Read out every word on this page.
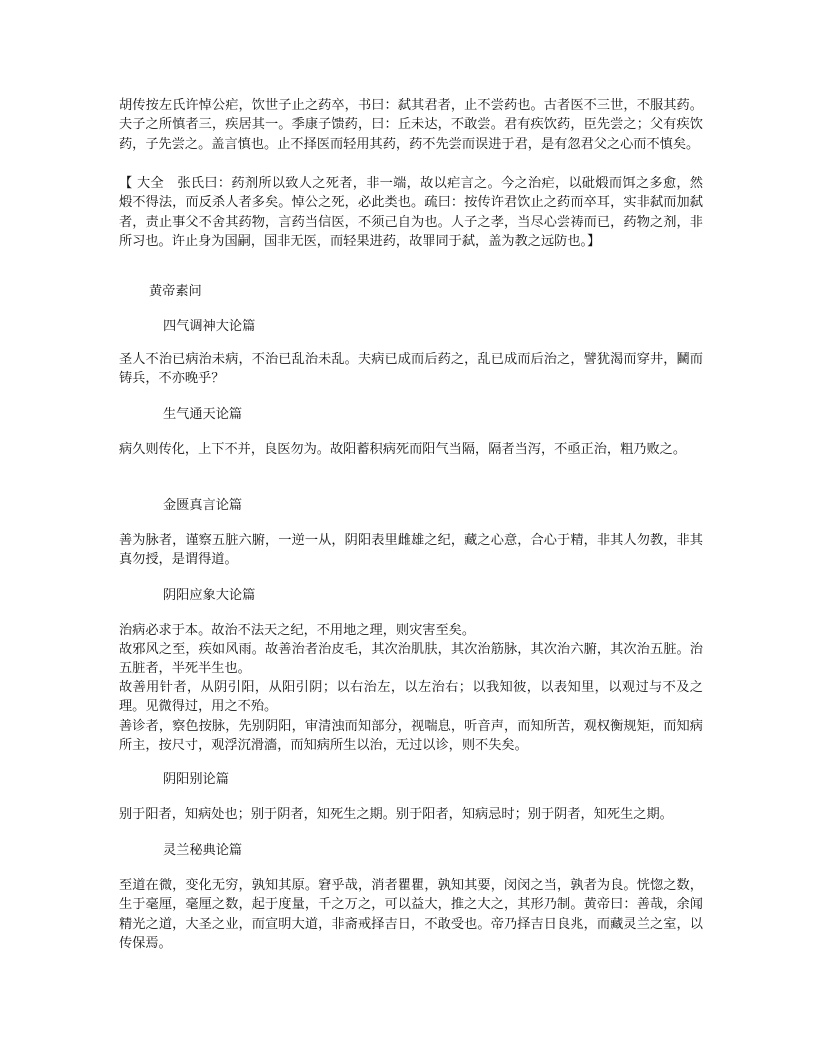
胡传按左氏许悼公疟，饮世子止之药卒，书曰：弑其君者，止不尝药也。古者医不三世，不服其药。夫子之所慎者三，疾居其一。季康子馈药，曰：丘未达，不敢尝。君有疾饮药，臣先尝之；父有疾饮药，子先尝之。盖言慎也。止不择医而轻用其药，药不先尝而误进于君，是有忽君父之心而不慎矣。

【 大全　张氏曰：药剂所以致人之死者，非一端，故以疟言之。今之治疟，以砒煅而饵之多愈，然煅不得法，而反杀人者多矣。悼公之死，必此类也。疏曰：按传许君饮止之药而卒耳，实非弑而加弑者，责止事父不舍其药物，言药当信医，不须己自为也。人子之孝，当尽心尝祷而已，药物之剂，非所习也。许止身为国嗣，国非无医，而轻果进药，故罪同于弑，盖为教之远防也。】

黄帝素问
四气调神大论篇

圣人不治已病治未病，不治已乱治未乱。夫病已成而后药之，乱已成而后治之，譬犹渴而穿井，鬭而铸兵，不亦晚乎？

生气通天论篇

病久则传化，上下不并，良医勿为。故阳蓄积病死而阳气当隔，隔者当泻，不亟正治，粗乃败之。

金匮真言论篇

善为脉者，谨察五脏六腑，一逆一从，阴阳表里雌雄之纪，藏之心意，合心于精，非其人勿教，非其真勿授，是谓得道。

阴阳应象大论篇

治病必求于本。故治不法天之纪，不用地之理，则灾害至矣。

故邪风之至，疾如风雨。故善治者治皮毛，其次治肌肤，其次治筋脉，其次治六腑，其次治五脏。治五脏者，半死半生也。

故善用针者，从阴引阳，从阳引阴；以右治左，以左治右；以我知彼，以表知里，以观过与不及之理。见微得过，用之不殆。

善诊者，察色按脉，先别阴阳，审清浊而知部分，视喘息，听音声，而知所苦，观权衡规矩，而知病所主，按尺寸，观浮沉滑濇，而知病所生以治，无过以诊，则不失矣。

阴阳别论篇

别于阳者，知病处也；别于阴者，知死生之期。别于阳者，知病忌时；别于阴者，知死生之期。

灵兰秘典论篇

至道在微，变化无穷，孰知其原。窘乎哉，消者瞿瞿，孰知其要，闵闵之当，孰者为良。恍惚之数，生于毫厘，毫厘之数，起于度量，千之万之，可以益大，推之大之，其形乃制。黄帝曰：善哉，余闻精光之道，大圣之业，而宣明大道，非斋戒择吉日，不敢受也。帝乃择吉日良兆，而藏灵兰之室，以传保焉。
